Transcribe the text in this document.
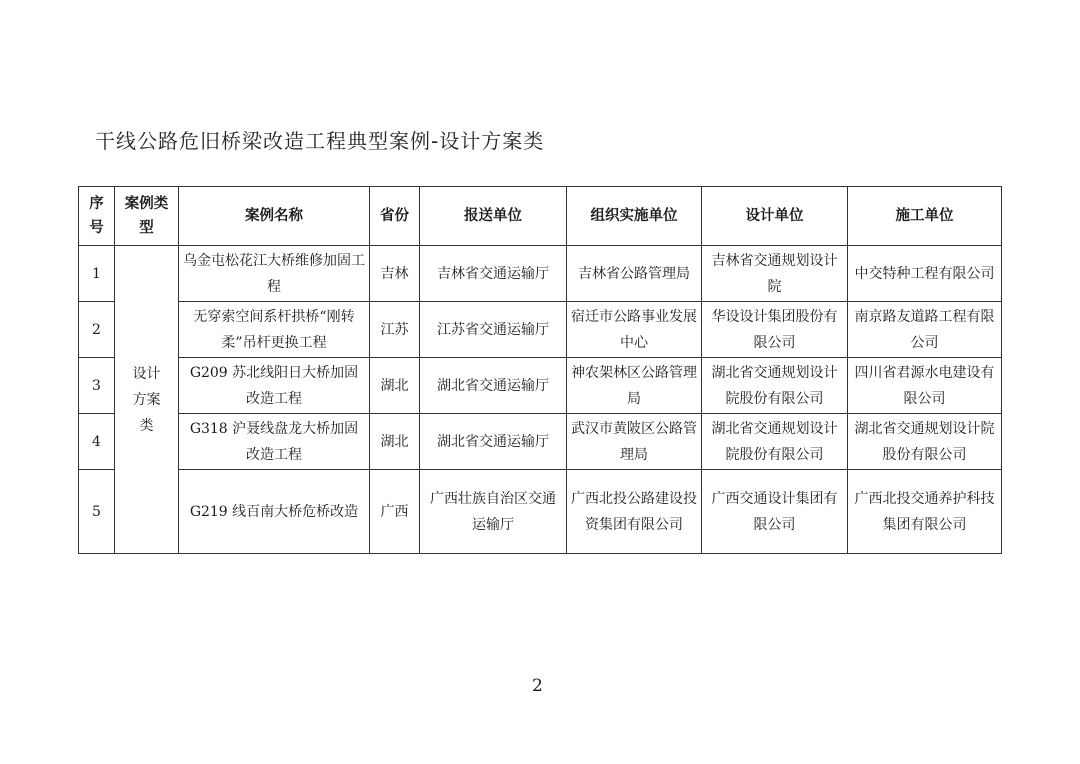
干线公路危旧桥梁改造工程典型案例-设计方案类
序号	案例类型	案例名称	省份	报送单位	组织实施单位	设计单位	施工单位
1	设计方案类	乌金屯松花江大桥维修加固工程	吉林	吉林省交通运输厅	吉林省公路管理局	吉林省交通规划设计院	中交特种工程有限公司
2		无穿索空间系杆拱桥“刚转柔”吊杆更换工程	江苏	江苏省交通运输厅	宿迁市公路事业发展中心	华设设计集团股份有限公司	南京路友道路工程有限公司
3		G209 苏北线阳日大桥加固改造工程	湖北	湖北省交通运输厅	神农架林区公路管理局	湖北省交通规划设计院股份有限公司	四川省君源水电建设有限公司
4		G318 沪聂线盘龙大桥加固改造工程	湖北	湖北省交通运输厅	武汉市黄陂区公路管理局	湖北省交通规划设计院股份有限公司	湖北省交通规划设计院股份有限公司
5		G219 线百南大桥危桥改造	广西	广西壮族自治区交通运输厅	广西北投公路建设投资集团有限公司	广西交通设计集团有限公司	广西北投交通养护科技集团有限公司
2
